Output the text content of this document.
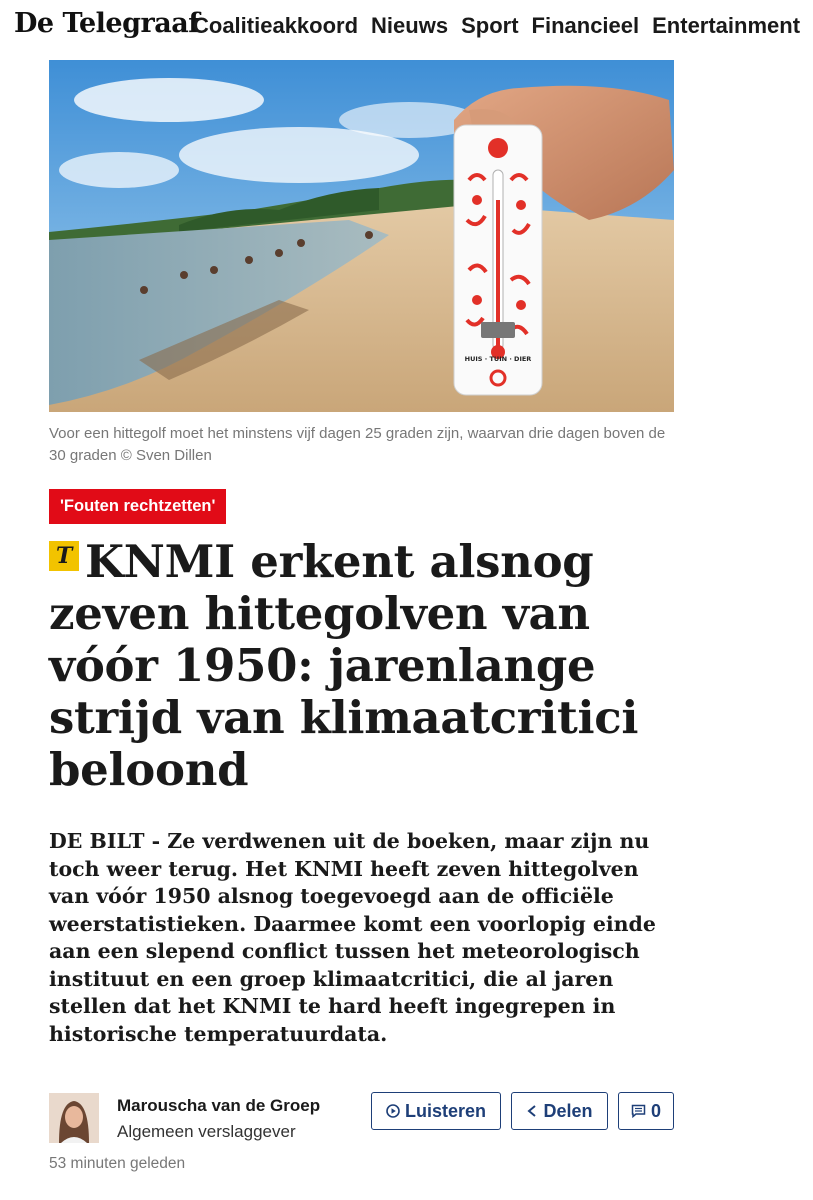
De Telegraaf
Coalitieakkoord Nieuws Sport Financieel Entertainment
HUIS · TUIN · DIER
Voor een hittegolf moet het minstens vijf dagen 25 graden zijn, waarvan drie dagen boven de 30 graden © Sven Dillen
'Fouten rechtzetten'
T KNMI erkent alsnog zeven hittegolven van vóór 1950: jarenlange strijd van klimaatcritici beloond
DE BILT - Ze verdwenen uit de boeken, maar zijn nu toch weer terug. Het KNMI heeft zeven hittegolven van vóór 1950 alsnog toegevoegd aan de officiële weerstatistieken. Daarmee komt een voorlopig einde aan een slepend conflict tussen het meteorologisch instituut en een groep klimaatcritici, die al jaren stellen dat het KNMI te hard heeft ingegrepen in historische temperatuurdata.
Marouscha van de Groep
Algemeen verslaggever
Luisteren	Delen	0
53 minuten geleden
